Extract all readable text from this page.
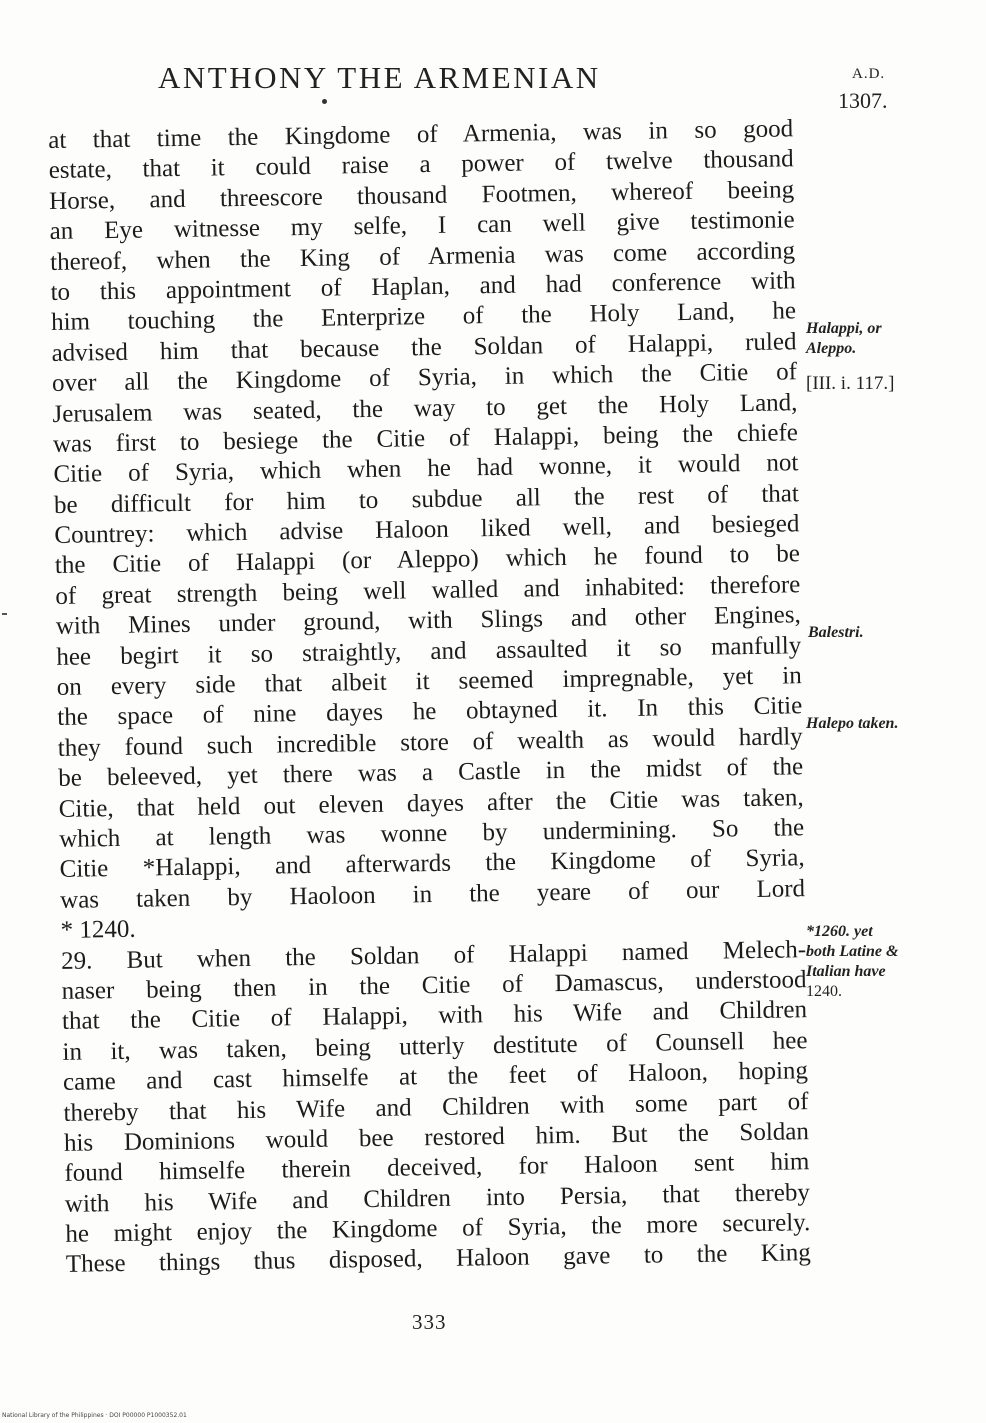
ANTHONY THE ARMENIAN	A.D.
1307.
at that time the Kingdome of Armenia, was in so good
estate, that it could raise a power of twelve thousand
Horse, and threescore thousand Footmen, whereof beeing
an Eye witnesse my selfe, I can well give testimonie
thereof, when the King of Armenia was come according
to this appointment of Haplan, and had conference with
him touching the Enterprize of the Holy Land, he
advised him that because the Soldan of Halappi, ruled
over all the Kingdome of Syria, in which the Citie of
Jerusalem was seated, the way to get the Holy Land,
was first to besiege the Citie of Halappi, being the chiefe
Citie of Syria, which when he had wonne, it would not
be difficult for him to subdue all the rest of that
Countrey: which advise Haloon liked well, and besieged
the Citie of Halappi (or Aleppo) which he found to be
of great strength being well walled and inhabited: therefore
with Mines under ground, with Slings and other Engines,
hee begirt it so straightly, and assaulted it so manfully
on every side that albeit it seemed impregnable, yet in
the space of nine dayes he obtayned it. In this Citie
they found such incredible store of wealth as would hardly
be beleeved, yet there was a Castle in the midst of the
Citie, that held out eleven dayes after the Citie was taken,
which at length was wonne by undermining. So the
Citie *Halappi, and afterwards the Kingdome of Syria,
was taken by Haoloon in the yeare of our Lord
* 1240.
29. But when the Soldan of Halappi named Melech-
naser being then in the Citie of Damascus, understood
that the Citie of Halappi, with his Wife and Children
in it, was taken, being utterly destitute of Counsell hee
came and cast himselfe at the feet of Haloon, hoping
thereby that his Wife and Children with some part of
his Dominions would bee restored him. But the Soldan
found himselfe therein deceived, for Haloon sent him
with his Wife and Children into Persia, that thereby
he might enjoy the Kingdome of Syria, the more securely.
These things thus disposed, Haloon gave to the King
Halappi, or
Aleppo.
[III. i. 117.]
Balestri.
Halepo taken.
*1260. yet
both Latine &
Italian have
1240.
333
National Library of the Philippines · DOI P00000 P1000352.01
